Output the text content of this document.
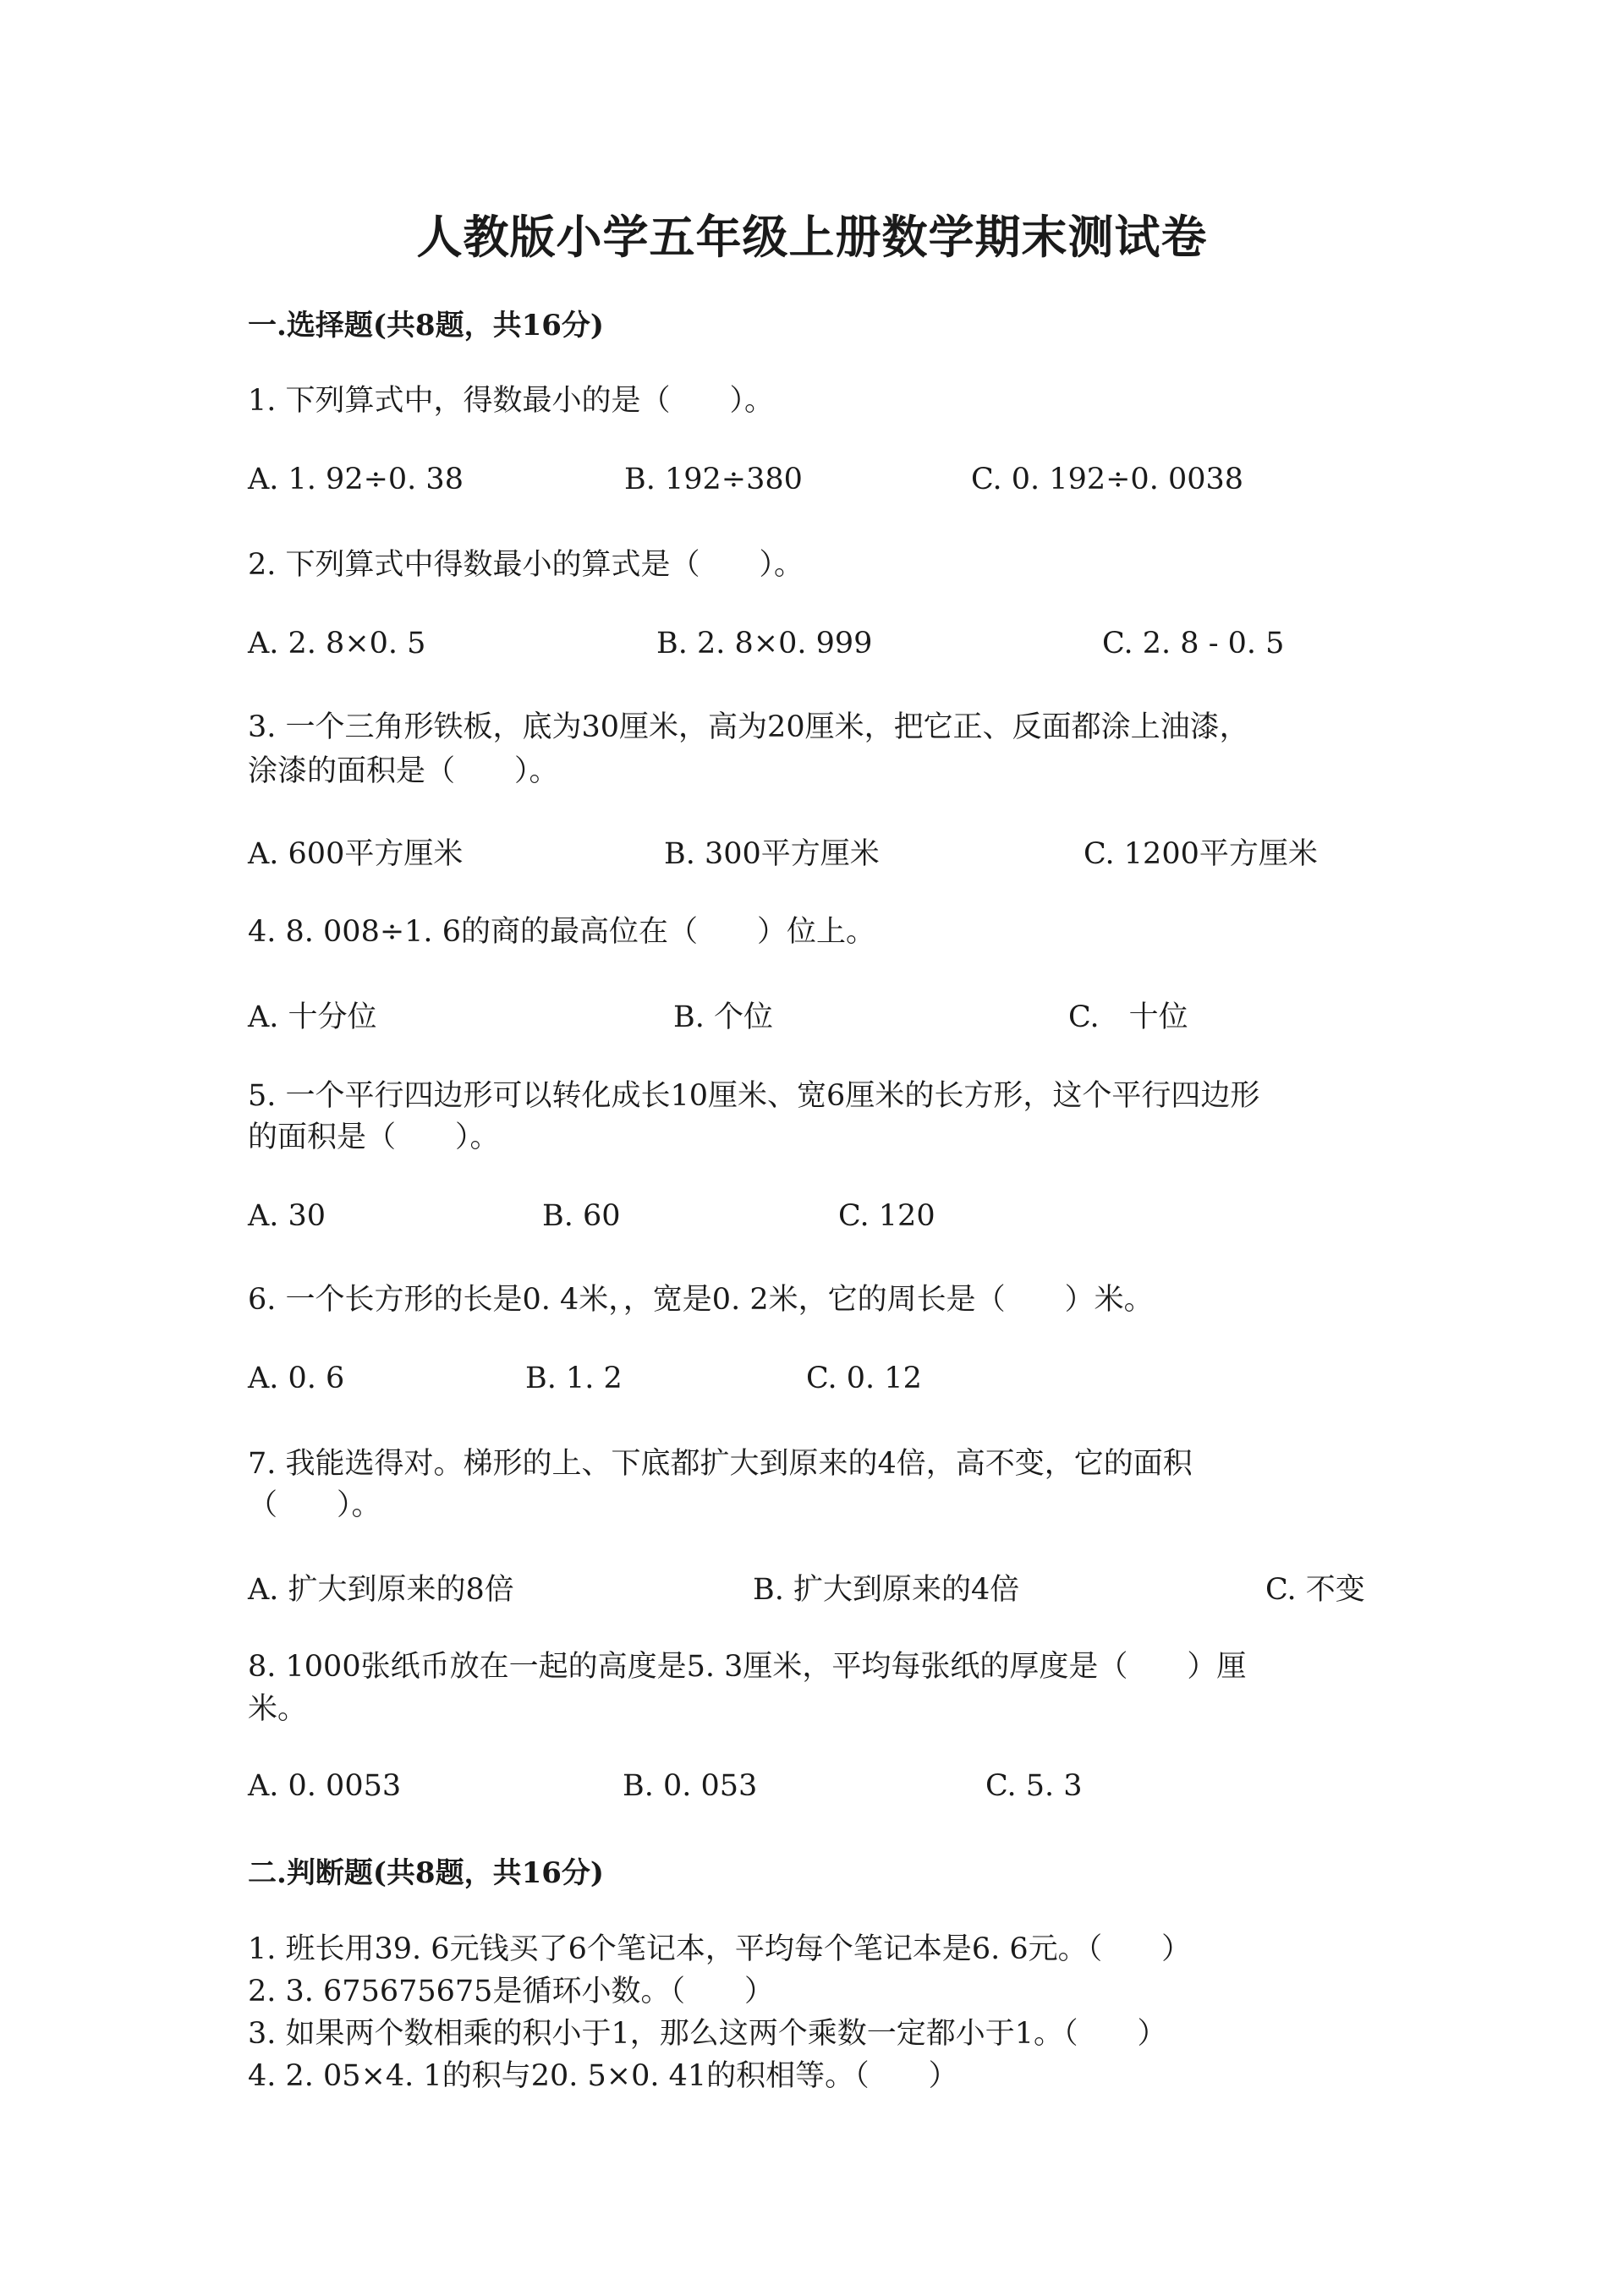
人教版小学五年级上册数学期末测试卷
一.选择题(共8题，共16分)
1. 下列算式中，得数最小的是（　　）。
A. 1. 92÷0. 38	B. 192÷380	C. 0. 192÷0. 0038
2. 下列算式中得数最小的算式是（　　）。
A. 2. 8×0. 5	B. 2. 8×0. 999	C. 2. 8 - 0. 5
3. 一个三角形铁板，底为30厘米，高为20厘米，把它正、反面都涂上油漆，
涂漆的面积是（　　）。
A. 600平方厘米	B. 300平方厘米	C. 1200平方厘米
4. 8. 008÷1. 6的商的最高位在（　　）位上。
A. 十分位	B. 个位	C.　十位
5. 一个平行四边形可以转化成长10厘米、宽6厘米的长方形，这个平行四边形
的面积是（　　）。
A. 30	B. 60	C. 120
6. 一个长方形的长是0. 4米，，宽是0. 2米，它的周长是（　　）米。
A. 0. 6	B. 1. 2	C. 0. 12
7. 我能选得对。梯形的上、下底都扩大到原来的4倍，高不变，它的面积
（　　）。
A. 扩大到原来的8倍	B. 扩大到原来的4倍	C. 不变
8. 1000张纸币放在一起的高度是5. 3厘米，平均每张纸的厚度是（　　）厘
米。
A. 0. 0053	B. 0. 053	C. 5. 3
二.判断题(共8题，共16分)
1. 班长用39. 6元钱买了6个笔记本，平均每个笔记本是6. 6元。（　　）
2. 3. 675675675是循环小数。（　　）
3. 如果两个数相乘的积小于1，那么这两个乘数一定都小于1。（　　）
4. 2. 05×4. 1的积与20. 5×0. 41的积相等。（　　）
